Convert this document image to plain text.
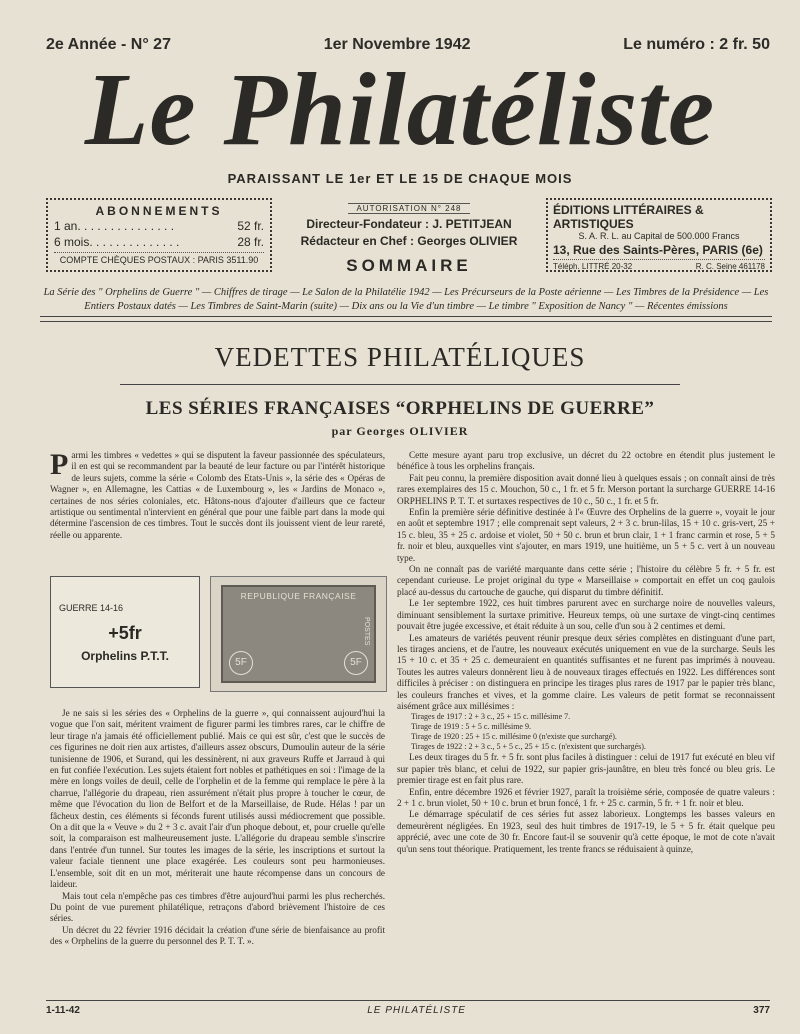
2e Année - N° 27	1er Novembre 1942	Le numéro : 2 fr. 50
Le Philatéliste
PARAISSANT LE 1er ET LE 15 DE CHAQUE MOIS
ABONNEMENTS
1 an. . . . . . . . . . . . . . .	52 fr.
6 mois. . . . . . . . . . . . . .	28 fr.
COMPTE CHÈQUES POSTAUX : PARIS 3511.90
AUTORISATION N° 248
Directeur-Fondateur : J. PETITJEAN
Rédacteur en Chef : Georges OLIVIER
SOMMAIRE
ÉDITIONS LITTÉRAIRES & ARTISTIQUES
S. A. R. L. au Capital de 500.000 Francs
13, Rue des Saints-Pères, PARIS (6e)
Téléph. LITTRÉ 20-32	R. C. Seine 461178
La Série des " Orphelins de Guerre " — Chiffres de tirage — Le Salon de la Philatélie 1942 — Les Précurseurs de la Poste aérienne — Les Timbres de la Présidence — Les Entiers Postaux datés — Les Timbres de Saint-Marin (suite) — Dix ans ou la Vie d'un timbre — Le timbre " Exposition de Nancy " — Récentes émissions
VEDETTES PHILATÉLIQUES
LES SÉRIES FRANÇAISES “ORPHELINS DE GUERRE”
par Georges OLIVIER

Parmi les timbres « vedettes » qui se disputent la faveur passionnée des spéculateurs, il en est qui se recommandent par la beauté de leur facture ou par l'intérêt historique de leurs sujets, comme la série « Colomb des Etats-Unis », la série des « Opéras de Wagner », en Allemagne, les Cattias « de Luxembourg », les « Jardins de Monaco », certaines de nos séries coloniales, etc. Hâtons-nous d'ajouter d'ailleurs que ce facteur artistique ou sentimental n'intervient en général que pour une faible part dans la mode qui détermine l'ascension de ces timbres. Tout le succès dont ils jouissent vient de leur rareté, réelle ou apparente.

GUERRE 14-16
+5fr
Orphelins P.T.T.
REPUBLIQUE FRANÇAISE
POSTES
5F	5F

Je ne sais si les séries des « Orphelins de la guerre », qui connaissent aujourd'hui la vogue que l'on sait, méritent vraiment de figurer parmi les timbres rares, car le chiffre de leur tirage n'a jamais été officiellement publié. Mais ce qui est sûr, c'est que le succès de ces figurines ne doit rien aux artistes, d'ailleurs assez obscurs, Dumoulin auteur de la série tunisienne de 1906, et Surand, qui les dessinèrent, ni aux graveurs Ruffe et Jarraud à qui en fut confiée l'exécution. Les sujets étaient fort nobles et pathétiques en soi : l'image de la mère en longs voiles de deuil, celle de l'orphelin et de la femme qui remplace le père à la charrue, l'allégorie du drapeau, rien assurément n'était plus propre à toucher le cœur, de même que l'évocation du lion de Belfort et de la Marseillaise, de Rude. Hélas ! par un fâcheux destin, ces éléments si féconds furent utilisés aussi médiocrement que possible. On a dit que la « Veuve » du 2 + 3 c. avait l'air d'un phoque debout, et, pour cruelle qu'elle soit, la comparaison est malheureusement juste. L'allégorie du drapeau semble s'inscrire dans l'entrée d'un tunnel. Sur toutes les images de la série, les inscriptions et surtout la valeur faciale tiennent une place exagérée. Les couleurs sont peu harmonieuses. L'ensemble, soit dit en un mot, mériterait une haute récompense dans un concours de laideur.

Mais tout cela n'empêche pas ces timbres d'être aujourd'hui parmi les plus recherchés. Du point de vue purement philatélique, retraçons d'abord brièvement l'histoire de ces séries.

Un décret du 22 février 1916 décidait la création d'une série de bienfaisance au profit des « Orphelins de la guerre du personnel des P. T. T. ».

Cette mesure ayant paru trop exclusive, un décret du 22 octobre en étendit plus justement le bénéfice à tous les orphelins français.

Fait peu connu, la première disposition avait donné lieu à quelques essais ; on connaît ainsi de très rares exemplaires des 15 c. Mouchon, 50 c., 1 fr. et 5 fr. Merson portant la surcharge GUERRE 14-16 ORPHELINS P. T. T. et surtaxes respectives de 10 c., 50 c., 1 fr. et 5 fr.

Enfin la première série définitive destinée à l'« Œuvre des Orphelins de la guerre », voyait le jour en août et septembre 1917 ; elle comprenait sept valeurs, 2 + 3 c. brun-lilas, 15 + 10 c. gris-vert, 25 + 15 c. bleu, 35 + 25 c. ardoise et violet, 50 + 50 c. brun et brun clair, 1 + 1 franc carmin et rose, 5 + 5 fr. noir et bleu, auxquelles vint s'ajouter, en mars 1919, une huitième, un 5 + 5 c. vert à un nouveau type.

On ne connaît pas de variété marquante dans cette série ; l'histoire du célèbre 5 fr. + 5 fr. est cependant curieuse. Le projet original du type « Marseillaise » comportait en effet un coq gaulois placé au-dessus du cartouche de gauche, qui disparut du timbre définitif.

Le 1er septembre 1922, ces huit timbres parurent avec en surcharge noire de nouvelles valeurs, diminuant sensiblement la surtaxe primitive. Heureux temps, où une surtaxe de vingt-cinq centimes pouvait être jugée excessive, et était réduite à un sou, celle d'un sou à 2 centimes et demi.

Les amateurs de variétés peuvent réunir presque deux séries complètes en distinguant d'une part, les tirages anciens, et de l'autre, les nouveaux exécutés uniquement en vue de la surcharge. Seuls les 15 + 10 c. et 35 + 25 c. demeuraient en quantités suffisantes et ne furent pas imprimés à nouveau. Toutes les autres valeurs donnèrent lieu à de nouveaux tirages effectués en 1922. Les différences sont difficiles à préciser : on distinguera en principe les tirages plus rares de 1917 par le papier très blanc, les couleurs franches et vives, et la gomme claire. Les valeurs de petit format se reconnaissent aisément grâce aux millésimes :

Tirages de 1917 : 2 + 3 c., 25 + 15 c. millésime 7.

Tirage de 1919 : 5 + 5 c. millésime 9.

Tirage de 1920 : 25 + 15 c. millésime 0 (n'existe que surchargé).

Tirages de 1922 : 2 + 3 c., 5 + 5 c., 25 + 15 c. (n'existent que surchargés).

Les deux tirages du 5 fr. + 5 fr. sont plus faciles à distinguer : celui de 1917 fut exécuté en bleu vif sur papier très blanc, et celui de 1922, sur papier gris-jaunâtre, en bleu très foncé ou bleu gris. Le premier tirage est en fait plus rare.

Enfin, entre décembre 1926 et février 1927, paraît la troisième série, composée de quatre valeurs : 2 + 1 c. brun violet, 50 + 10 c. brun et brun foncé, 1 fr. + 25 c. carmin, 5 fr. + 1 fr. noir et bleu.

Le démarrage spéculatif de ces séries fut assez laborieux. Longtemps les basses valeurs en demeurèrent négligées. En 1923, seul des huit timbres de 1917-19, le 5 + 5 fr. était quelque peu apprécié, avec une cote de 30 fr. Encore faut-il se souvenir qu'à cette époque, le mot de cote n'avait qu'un sens tout théorique. Pratiquement, les trente francs se réduisaient à quinze,

1-11-42	LE PHILATÉLISTE	377
